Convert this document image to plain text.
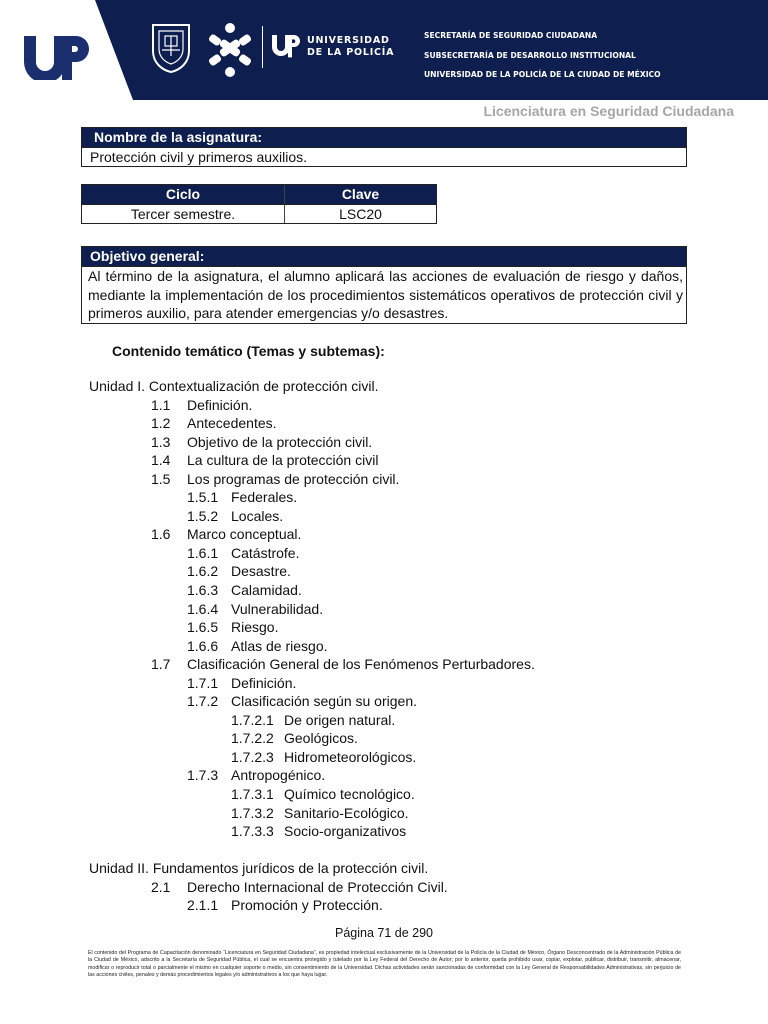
UNIVERSIDAD
DE LA POLICÍA
SECRETARÍA DE SEGURIDAD CIUDADANA
SUBSECRETARÍA DE DESARROLLO INSTITUCIONAL
UNIVERSIDAD DE LA POLICÍA DE LA CIUDAD DE MÉXICO
Licenciatura en Seguridad Ciudadana
Nombre de la asignatura:
Protección civil y primeros auxilios.
Ciclo	Clave
Tercer semestre.	LSC20
Objetivo general:
Al término de la asignatura, el alumno aplicará las acciones de evaluación de riesgo y daños, mediante la implementación de los procedimientos sistemáticos operativos de protección civil y primeros auxilio, para atender emergencias y/o desastres.
Contenido temático (Temas y subtemas):
Unidad I. Contextualización de protección civil.
1.1 Definición.
1.2 Antecedentes.
1.3 Objetivo de la protección civil.
1.4 La cultura de la protección civil
1.5 Los programas de protección civil.
1.5.1 Federales.
1.5.2 Locales.
1.6 Marco conceptual.
1.6.1 Catástrofe.
1.6.2 Desastre.
1.6.3 Calamidad.
1.6.4 Vulnerabilidad.
1.6.5 Riesgo.
1.6.6 Atlas de riesgo.
1.7 Clasificación General de los Fenómenos Perturbadores.
1.7.1 Definición.
1.7.2 Clasificación según su origen.
1.7.2.1 De origen natural.
1.7.2.2 Geológicos.
1.7.2.3 Hidrometeorológicos.
1.7.3 Antropogénico.
1.7.3.1 Químico tecnológico.
1.7.3.2 Sanitario-Ecológico.
1.7.3.3 Socio-organizativos
Unidad II. Fundamentos jurídicos de la protección civil.
2.1 Derecho Internacional de Protección Civil.
2.1.1 Promoción y Protección.
Página 71 de 290
El contenido del Programa de Capacitación denominado “Licenciatura en Seguridad Ciudadana”, es propiedad intelectual exclusivamente de la Universidad de la Policía de la Ciudad de México, Órgano Desconcentrado de la Administración Pública de la Ciudad de México, adscrito a la Secretaría de Seguridad Pública, el cual se encuentra protegido y tutelado por la Ley Federal del Derecho de Autor; por lo anterior, queda prohibido usar, copiar, explotar, publicar, distribuir, transmitir, almacenar, modificar o reproducir total o parcialmente el mismo en cualquier soporte o medio, sin consentimiento de la Universidad. Dichas actividades serán sancionadas de conformidad con la Ley General de Responsabilidades Administrativas, sin perjuicio de las acciones civiles, penales y demás procedimientos legales y/o administrativos a los que haya lugar.
